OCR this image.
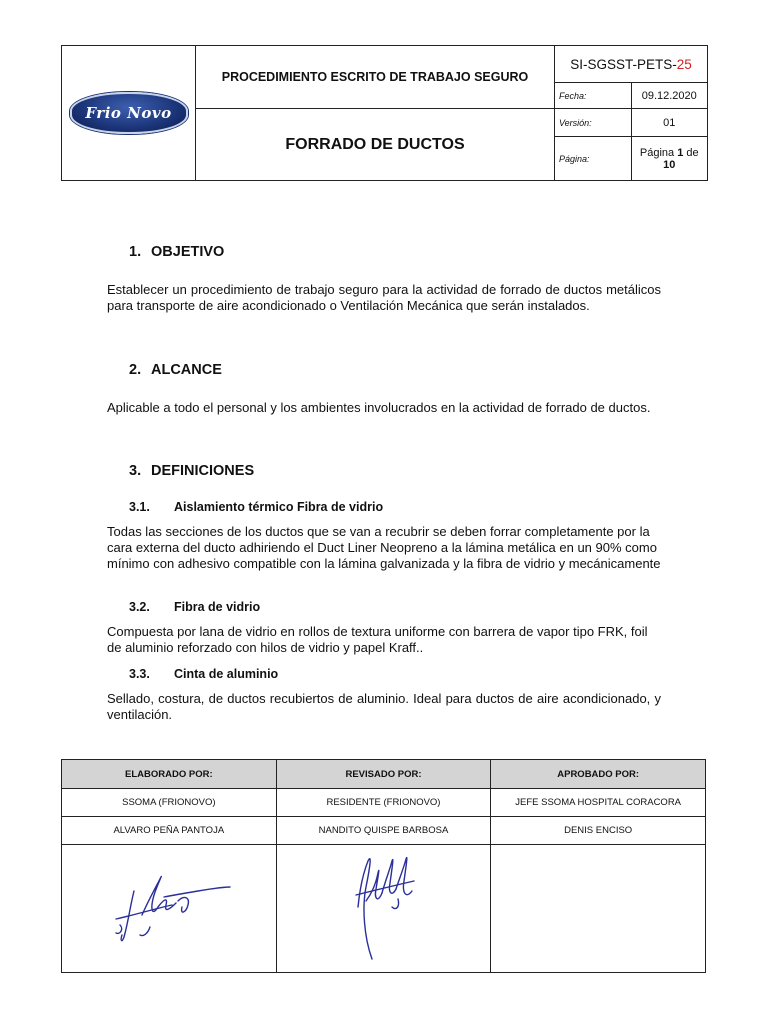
Frio Novo	PROCEDIMIENTO ESCRITO DE TRABAJO SEGURO	SI-SGSST-PETS-25	
		Fecha:	09.12.2020
	FORRADO DE DUCTOS	Versión:	01
		Página:	Página 1 de
10
1. OBJETIVO
Establecer un procedimiento de trabajo seguro para la actividad de forrado de ductos metálicos para transporte de aire acondicionado o Ventilación Mecánica que serán instalados.
2. ALCANCE
Aplicable a todo el personal y los ambientes involucrados en la actividad de forrado de ductos.
3. DEFINICIONES
3.1. Aislamiento térmico Fibra de vidrio
Todas las secciones de los ductos que se van a recubrir se deben forrar completamente por la cara externa del ducto adhiriendo el Duct Liner Neopreno a la lámina metálica en un 90% como mínimo con adhesivo compatible con la lámina galvanizada y la fibra de vidrio y mecánicamente
3.2. Fibra de vidrio
Compuesta por lana de vidrio en rollos de textura uniforme con barrera de vapor tipo FRK, foil de aluminio reforzado con hilos de vidrio y papel Kraff..
3.3. Cinta de aluminio
Sellado, costura, de ductos recubiertos de aluminio. Ideal para ductos de aire acondicionado, y ventilación.
ELABORADO POR:	REVISADO POR:	APROBADO POR:
SSOMA (FRIONOVO)	RESIDENTE (FRIONOVO)	JEFE SSOMA HOSPITAL CORACORA
ALVARO PEÑA PANTOJA	NANDITO QUISPE BARBOSA	DENIS ENCISO
